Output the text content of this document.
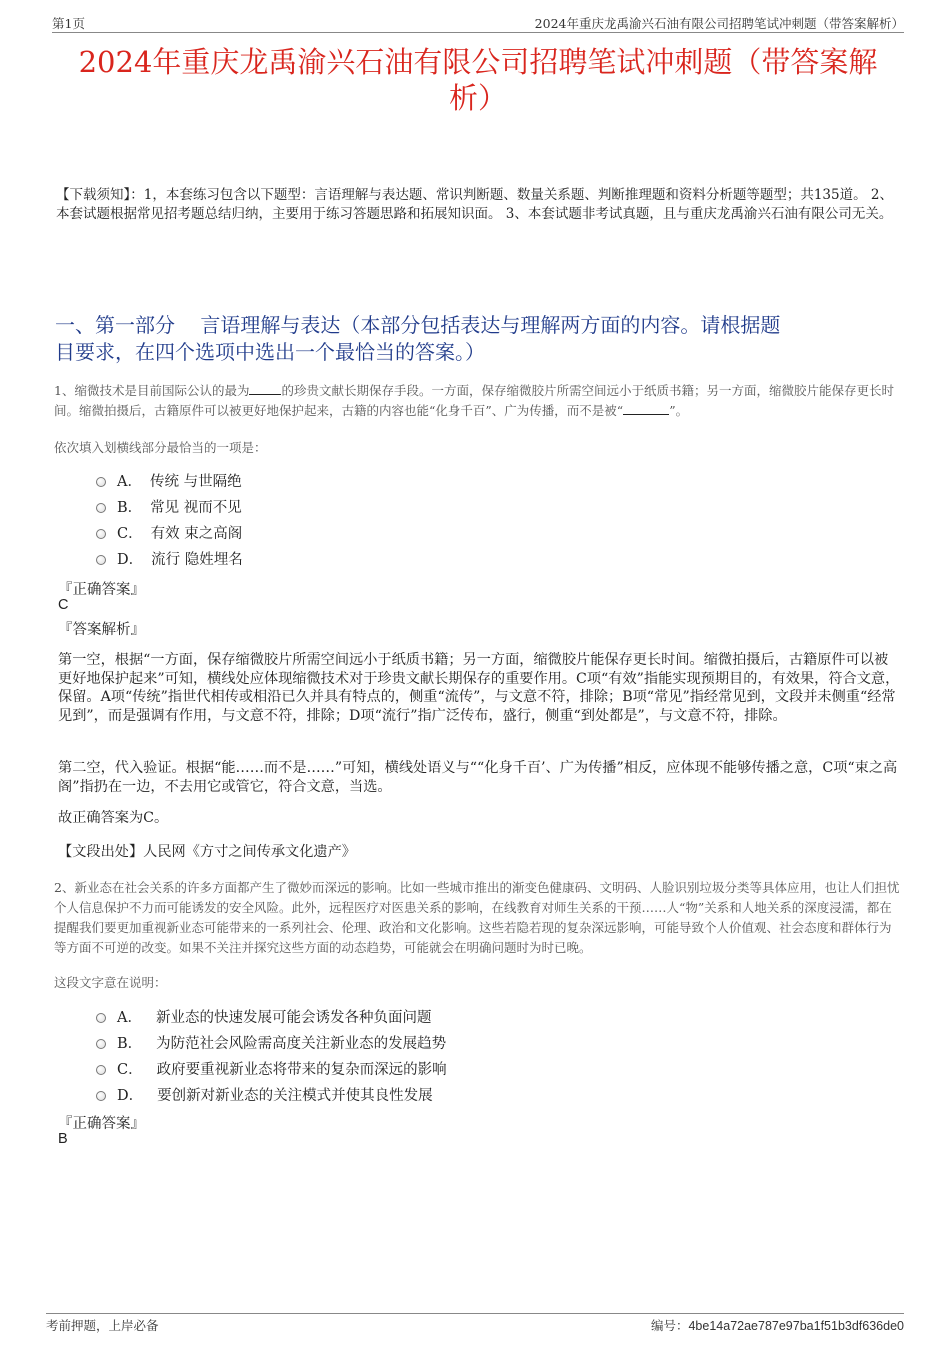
第1页	2024年重庆龙禹渝兴石油有限公司招聘笔试冲刺题（带答案解析）
2024年重庆龙禹渝兴石油有限公司招聘笔试冲刺题（带答案解
析）
【下载须知】：1，本套练习包含以下题型：言语理解与表达题、常识判断题、数量关系题、判断推理题和资料分析题等题型；共135道。 2、本套试题根据常见招考题总结归纳，主要用于练习答题思路和拓展知识面。 3、本套试题非考试真题，且与重庆龙禹渝兴石油有限公司无关。
一、第一部分    言语理解与表达（本部分包括表达与理解两方面的内容。请根据题
目要求，在四个选项中选出一个最恰当的答案。）
1、缩微技术是目前国际公认的最为	的珍贵文献长期保存手段。一方面，保存缩微胶片所需空间远小于纸质书籍；另一方面，缩微胶片能保存更长时间。缩微拍摄后，古籍原件可以被更好地保护起来，古籍的内容也能“化身千百”、广为传播，而不是被“	”。
依次填入划横线部分最恰当的一项是：
A． 传统 与世隔绝
B． 常见 视而不见
C． 有效 束之高阁
D． 流行 隐姓埋名
『正确答案』
C
『答案解析』
第一空，根据“一方面，保存缩微胶片所需空间远小于纸质书籍；另一方面，缩微胶片能保存更长时间。缩微拍摄后，古籍原件可以被更好地保护起来”可知，横线处应体现缩微技术对于珍贵文献长期保存的重要作用。C项“有效”指能实现预期目的，有效果，符合文意，保留。A项“传统”指世代相传或相沿已久并具有特点的，侧重“流传”，与文意不符，排除；B项“常见”指经常见到，文段并未侧重“经常见到”，而是强调有作用，与文意不符，排除；D项“流行”指广泛传布，盛行，侧重“到处都是”，与文意不符，排除。
第二空，代入验证。根据“能……而不是……”可知，横线处语义与““化身千百’、广为传播”相反，应体现不能够传播之意，C项“束之高阁”指扔在一边，不去用它或管它，符合文意，当选。
故正确答案为C。
【文段出处】人民网《方寸之间传承文化遗产》
2、新业态在社会关系的许多方面都产生了微妙而深远的影响。比如一些城市推出的渐变色健康码、文明码、人脸识别垃圾分类等具体应用，也让人们担忧个人信息保护不力而可能诱发的安全风险。此外，远程医疗对医患关系的影响，在线教育对师生关系的干预……人“物”关系和人地关系的深度浸濡，都在提醒我们要更加重视新业态可能带来的一系列社会、伦理、政治和文化影响。这些若隐若现的复杂深远影响，可能导致个人价值观、社会态度和群体行为等方面不可逆的改变。如果不关注并探究这些方面的动态趋势，可能就会在明确问题时为时已晚。
这段文字意在说明：
A． 新业态的快速发展可能会诱发各种负面问题
B． 为防范社会风险需高度关注新业态的发展趋势
C． 政府要重视新业态将带来的复杂而深远的影响
D． 要创新对新业态的关注模式并使其良性发展
『正确答案』
B
考前押题，上岸必备	编号：4be14a72ae787e97ba1f51b3df636de0
